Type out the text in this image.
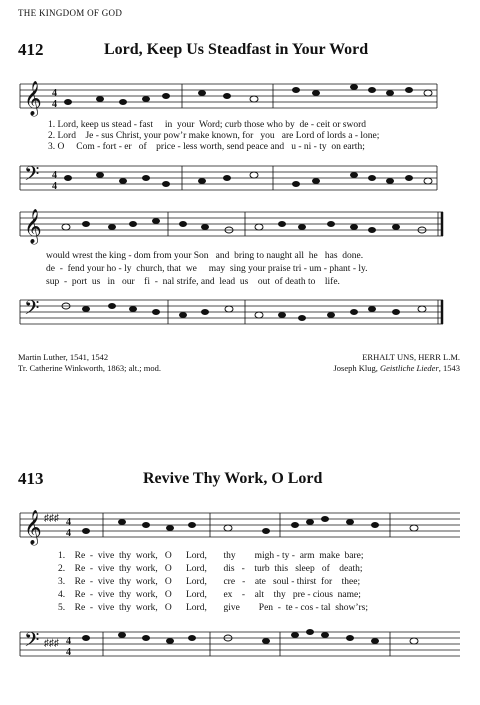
THE KINGDOM OF GOD
412	Lord, Keep Us Steadfast in Your Word
𝄞 4
4
1. Lord, keep us stead - fast     in  your  Word; curb those who by  de - ceit or sword
2. Lord    Je - sus Christ, your pow’r make known, for   you   are Lord of lords a - lone;
3. O     Com - fort - er   of    price - less worth, send peace and   u - ni - ty  on earth;
𝄢 4
4
𝄞
would wrest the king - dom from your Son   and  bring to naught all  he   has  done.
de  -  fend your ho - ly  church, that  we     may  sing your praise tri - um - phant - ly.
sup  -  port  us   in   our    fi  -  nal strife, and  lead  us    out  of death to    life.
𝄢
Martin Luther, 1541, 1542
Tr. Catherine Winkworth, 1863; alt.; mod.
ERHALT UNS, HERR L.M.
Joseph Klug, Geistliche Lieder, 1543
413	Revive Thy Work, O Lord
𝄞 ♯♯♯ 4
4
1.    Re  -  vive  thy  work,   O      Lord,       thy        migh - ty -  arm  make  bare;
2.    Re  -  vive  thy  work,   O      Lord,       dis   -    turb  this   sleep   of    death;
3.    Re  -  vive  thy  work,   O      Lord,       cre   -    ate   soul - thirst  for    thee;
4.    Re  -  vive  thy  work,   O      Lord,       ex    -    alt    thy   pre - cious  name;
5.    Re  -  vive  thy  work,   O      Lord,       give        Pen  -  te - cos - tal  show’rs;
𝄢 ♯♯♯ 4
4
